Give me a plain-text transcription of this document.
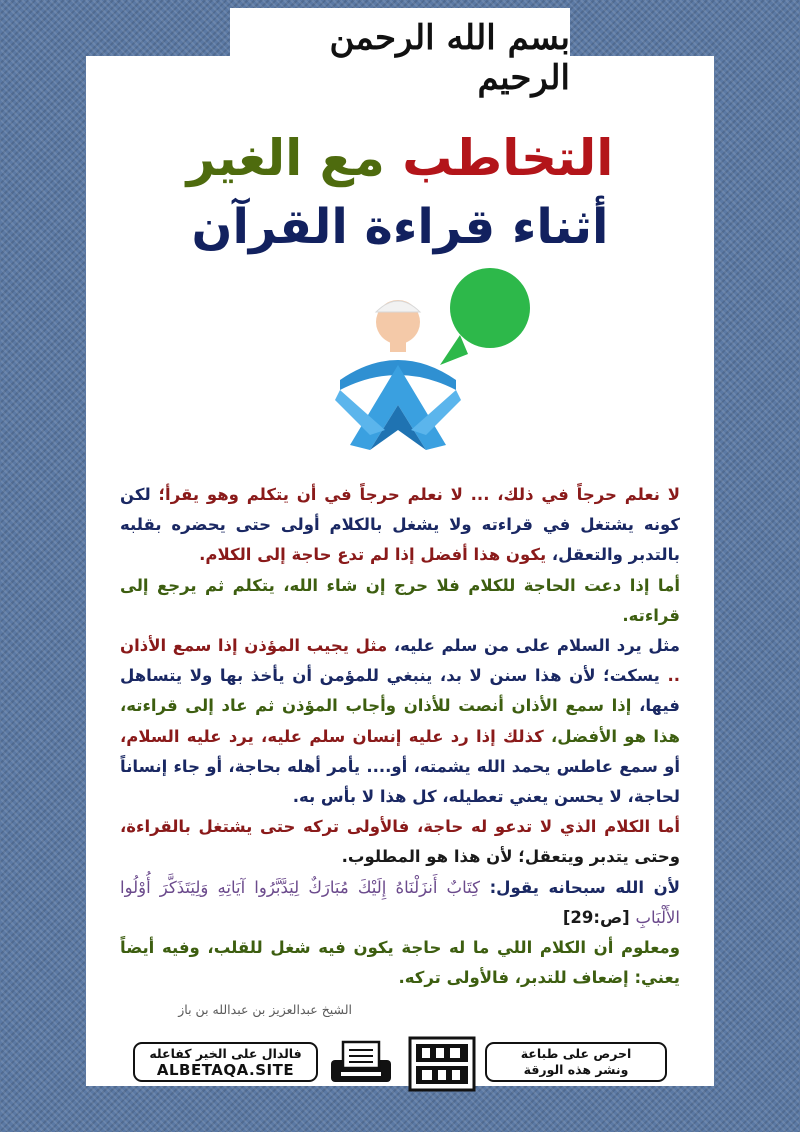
بسم الله الرحمن الرحيم
التخاطب مع الغير
أثناء قراءة القرآن

لا نعلم حرجاً في ذلك، ... لا نعلم حرجاً في أن يتكلم وهو يقرأ؛ لكن كونه يشتغل في قراءته ولا يشغل بالكلام أولى حتى يحضره بقلبه بالتدبر والتعقل، يكون هذا أفضل إذا لم تدع حاجة إلى الكلام.

أما إذا دعت الحاجة للكلام فلا حرج إن شاء الله، يتكلم ثم يرجع إلى قراءته.

مثل يرد السلام على من سلم عليه، مثل يجيب المؤذن إذا سمع الأذان .. يسكت؛ لأن هذا سنن لا بد، ينبغي للمؤمن أن يأخذ بها ولا يتساهل فيها، إذا سمع الأذان أنصت للأذان وأجاب المؤذن ثم عاد إلى قراءته، هذا هو الأفضل، كذلك إذا رد عليه إنسان سلم عليه، يرد عليه السلام، أو سمع عاطس يحمد الله يشمته، أو.... يأمر أهله بحاجة، أو جاء إنساناً لحاجة، لا يحسن يعني تعطيله، كل هذا لا بأس به.

أما الكلام الذي لا تدعو له حاجة، فالأولى تركه حتى يشتغل بالقراءة، وحتى يتدبر ويتعقل؛ لأن هذا هو المطلوب.

لأن الله سبحانه يقول: كِتَابٌ أَنزَلْنَاهُ إِلَيْكَ مُبَارَكٌ لِيَدَّبَّرُوا آيَاتِهِ وَلِيَتَذَكَّرَ أُوْلُوا الأَلْبَابِ [ص:29]

ومعلوم أن الكلام اللي ما له حاجة يكون فيه شغل للقلب، وفيه أيضاً يعني: إضعاف للتدبر، فالأولى تركه.

الشيخ عبدالعزيز بن عبدالله بن باز
فالدال على الخير كفاعله
ALBETAQA.SITE
احرص على طباعة
ونشر هذه الورقة
